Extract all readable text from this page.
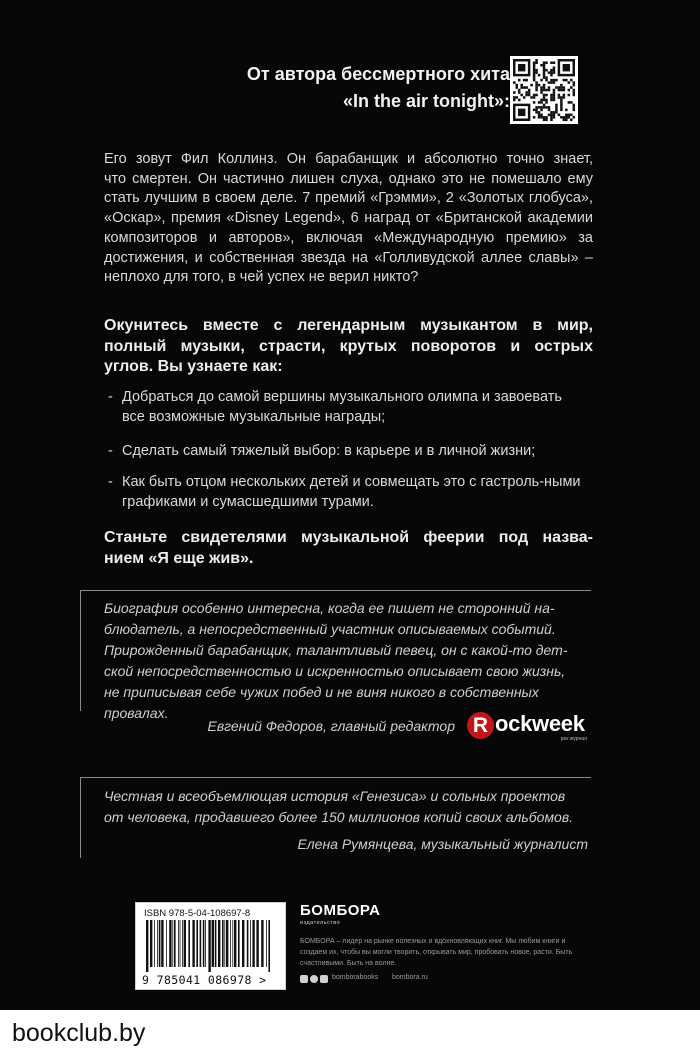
От автора бессмертного хита
«In the air tonight»:
Его зовут Фил Коллинз. Он барабанщик и абсолютно точно знает,
что смертен. Он частично лишен слуха, однако это не помешало ему
стать лучшим в своем деле. 7 премий «Грэмми», 2 «Золотых глобуса»,
«Оскар», премия «Disney Legend», 6 наград от «Британской академии
композиторов и авторов», включая «Международную премию» за
достижения, и собственная звезда на «Голливудской аллее славы» –
неплохо для того, в чей успех не верил никто?
Окунитесь вместе с легендарным музыкантом в мир,
полный музыки, страсти, крутых поворотов и острых
углов. Вы узнаете как:
- Добраться до самой вершины музыкального олимпа и завоевать все возможные музыкальные награды;
- Сделать самый тяжелый выбор: в карьере и в личной жизни;
- Как быть отцом нескольких детей и совмещать это с гастроль-ными графиками и сумасшедшими турами.
Станьте свидетелями музыкальной феерии под назва-
нием «Я еще жив».
Биография особенно интересна, когда ее пишет не сторонний на-
блюдатель, а непосредственный участник описываемых событий.
Прирожденный барабанщик, талантливый певец, он с какой-то дет-
ской непосредственностью и искренностью описывает свою жизнь,
не приписывая себе чужих побед и не виня никого в собственных
провалах.
Евгений Федоров, главный редактор R ockweek
рок журнал
Честная и всеобъемлющая история «Генезиса» и сольных проектов
от человека, продавшего более 150 миллионов копий своих альбомов.
Елена Румянцева, музыкальный журналист
ISBN 978-5-04-108697-8
9 785041 086978 >
БОМБОРА
издательство
БОМБОРА – лидер на рынке полезных и вдохновляющих книг. Мы любим книги и создаем их, чтобы вы могли творить, открывать мир, пробовать новое, расти. Быть счастливыми. Быть на волне.
bomborabooks bombora.ru
bookclub.by
